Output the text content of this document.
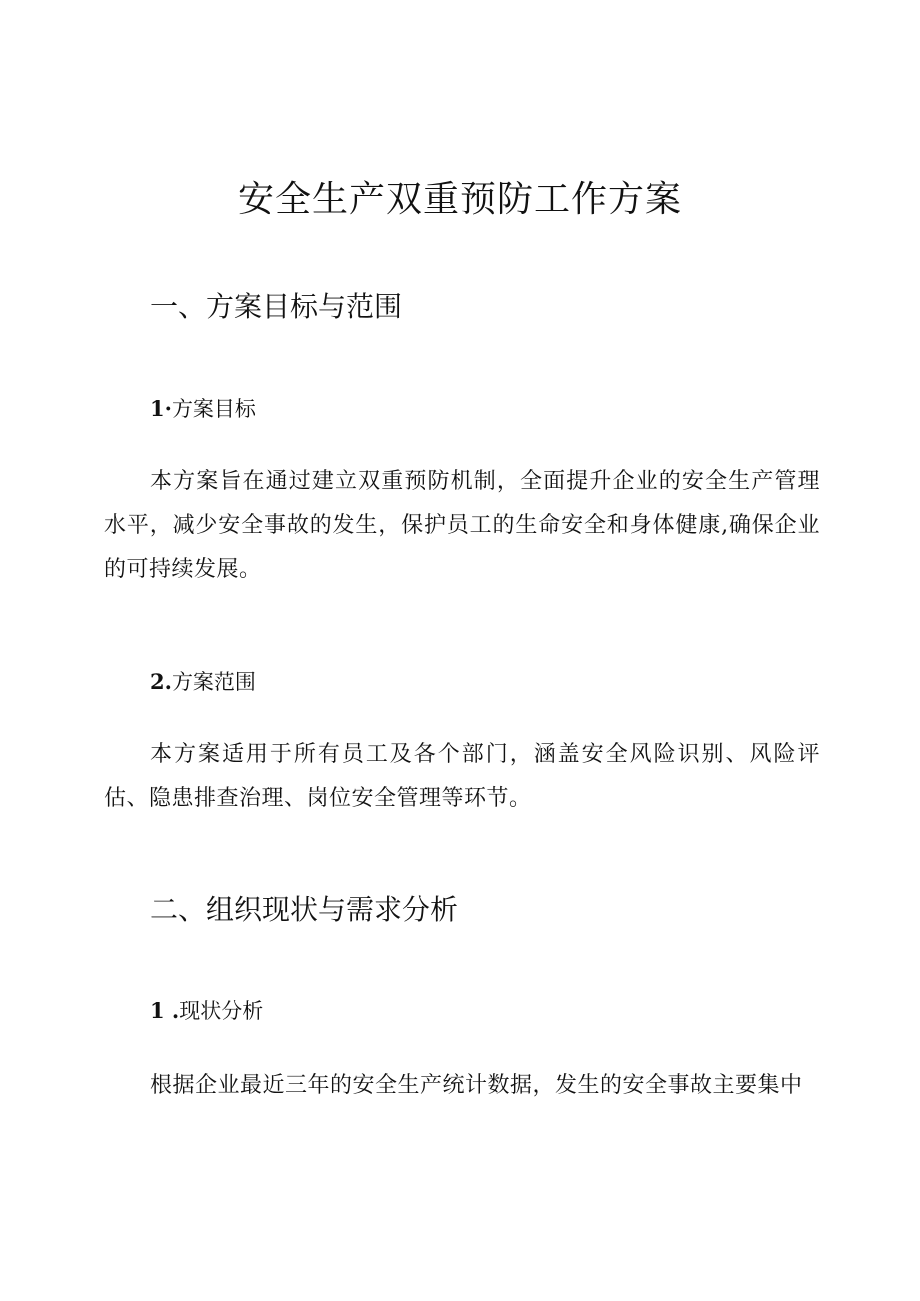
安全生产双重预防工作方案
一、方案目标与范围
1·方案目标

本方案旨在通过建立双重预防机制，全面提升企业的安全生产管理水平，减少安全事故的发生，保护员工的生命安全和身体健康,确保企业的可持续发展。

2.方案范围

本方案适用于所有员工及各个部门，涵盖安全风险识别、风险评估、隐患排查治理、岗位安全管理等环节。

二、组织现状与需求分析
1 .现状分析

根据企业最近三年的安全生产统计数据，发生的安全事故主要集中
